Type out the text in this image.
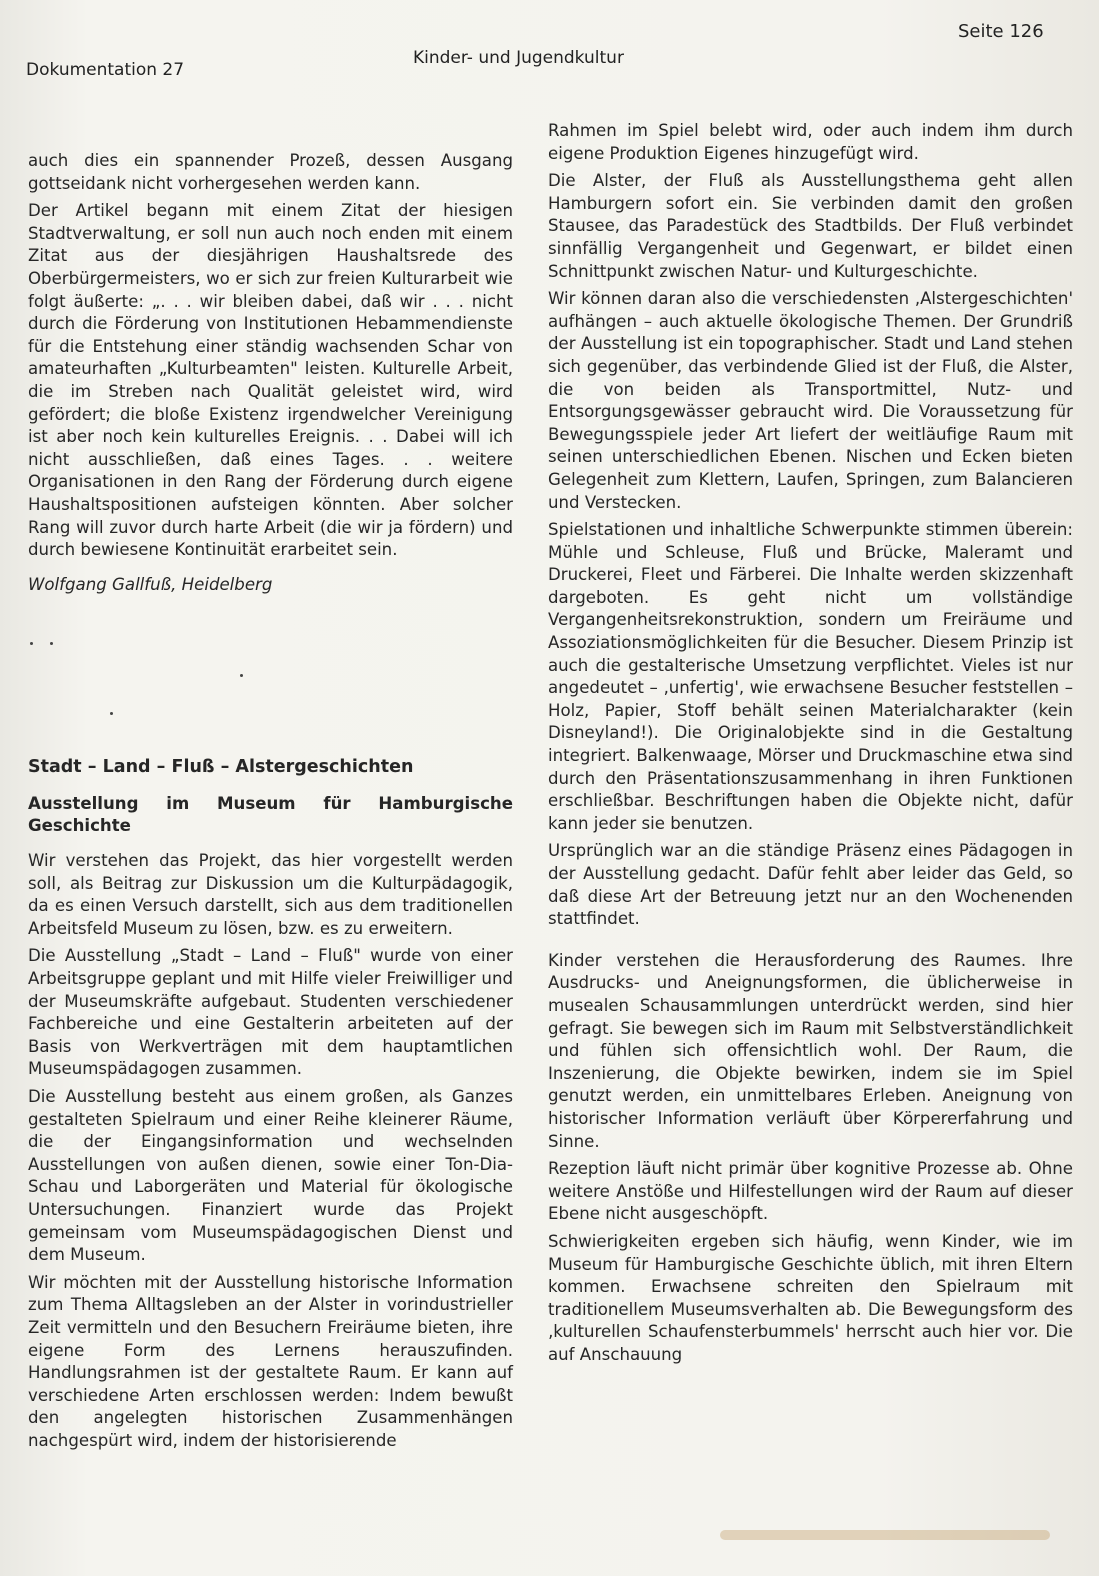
Dokumentation 27
Kinder- und Jugendkultur
Seite 126

auch dies ein spannender Prozeß, dessen Ausgang gottseidank nicht vorhergesehen werden kann.

Der Artikel begann mit einem Zitat der hiesigen Stadtverwaltung, er soll nun auch noch enden mit einem Zitat aus der diesjährigen Haushaltsrede des Oberbürgermeisters, wo er sich zur freien Kulturarbeit wie folgt äußerte: „. . . wir bleiben dabei, daß wir . . . nicht durch die Förderung von Institutionen Hebammendienste für die Entstehung einer ständig wachsenden Schar von amateurhaften „Kulturbeamten" leisten. Kulturelle Arbeit, die im Streben nach Qualität geleistet wird, wird gefördert; die bloße Existenz irgendwelcher Vereinigung ist aber noch kein kulturelles Ereignis. . . Dabei will ich nicht ausschließen, daß eines Tages. . . weitere Organisationen in den Rang der Förderung durch eigene Haushaltspositionen aufsteigen könnten. Aber solcher Rang will zuvor durch harte Arbeit (die wir ja fördern) und durch bewiesene Kontinuität erarbeitet sein.

Wolfgang Gallfuß, Heidelberg

Stadt – Land – Fluß – Alstergeschichten
Ausstellung im Museum für Hamburgische Geschichte

Wir verstehen das Projekt, das hier vorgestellt werden soll, als Beitrag zur Diskussion um die Kulturpädagogik, da es einen Versuch darstellt, sich aus dem traditionellen Arbeitsfeld Museum zu lösen, bzw. es zu erweitern.

Die Ausstellung „Stadt – Land – Fluß" wurde von einer Arbeitsgruppe geplant und mit Hilfe vieler Freiwilliger und der Museumskräfte aufgebaut. Studenten verschiedener Fachbereiche und eine Gestalterin arbeiteten auf der Basis von Werkverträgen mit dem hauptamtlichen Museumspädagogen zusammen.

Die Ausstellung besteht aus einem großen, als Ganzes gestalteten Spielraum und einer Reihe kleinerer Räume, die der Eingangsinformation und wechselnden Ausstellungen von außen dienen, sowie einer Ton-Dia-Schau und Laborgeräten und Material für ökologische Untersuchungen. Finanziert wurde das Projekt gemeinsam vom Museumspädagogischen Dienst und dem Museum.

Wir möchten mit der Ausstellung historische Information zum Thema Alltagsleben an der Alster in vorindustrieller Zeit vermitteln und den Besuchern Freiräume bieten, ihre eigene Form des Lernens herauszufinden. Handlungsrahmen ist der gestaltete Raum. Er kann auf verschiedene Arten erschlossen werden: Indem bewußt den angelegten historischen Zusammenhängen nachgespürt wird, indem der historisierende

Rahmen im Spiel belebt wird, oder auch indem ihm durch eigene Produktion Eigenes hinzugefügt wird.

Die Alster, der Fluß als Ausstellungsthema geht allen Hamburgern sofort ein. Sie verbinden damit den großen Stausee, das Paradestück des Stadtbilds. Der Fluß verbindet sinnfällig Vergangenheit und Gegenwart, er bildet einen Schnittpunkt zwischen Natur- und Kulturgeschichte.

Wir können daran also die verschiedensten ‚Alstergeschichten' aufhängen – auch aktuelle ökologische Themen. Der Grundriß der Ausstellung ist ein topographischer. Stadt und Land stehen sich gegenüber, das verbindende Glied ist der Fluß, die Alster, die von beiden als Transportmittel, Nutz- und Entsorgungsgewässer gebraucht wird. Die Voraussetzung für Bewegungsspiele jeder Art liefert der weitläufige Raum mit seinen unterschiedlichen Ebenen. Nischen und Ecken bieten Gelegenheit zum Klettern, Laufen, Springen, zum Balancieren und Verstecken.

Spielstationen und inhaltliche Schwerpunkte stimmen überein: Mühle und Schleuse, Fluß und Brücke, Maleramt und Druckerei, Fleet und Färberei. Die Inhalte werden skizzenhaft dargeboten. Es geht nicht um vollständige Vergangenheitsrekonstruktion, sondern um Freiräume und Assoziationsmöglichkeiten für die Besucher. Diesem Prinzip ist auch die gestalterische Umsetzung verpflichtet. Vieles ist nur angedeutet – ‚unfertig', wie erwachsene Besucher feststellen – Holz, Papier, Stoff behält seinen Materialcharakter (kein Disneyland!). Die Originalobjekte sind in die Gestaltung integriert. Balkenwaage, Mörser und Druckmaschine etwa sind durch den Präsentationszusammenhang in ihren Funktionen erschließbar. Beschriftungen haben die Objekte nicht, dafür kann jeder sie benutzen.

Ursprünglich war an die ständige Präsenz eines Pädagogen in der Ausstellung gedacht. Dafür fehlt aber leider das Geld, so daß diese Art der Betreuung jetzt nur an den Wochenenden stattfindet.

Kinder verstehen die Herausforderung des Raumes. Ihre Ausdrucks- und Aneignungsformen, die üblicherweise in musealen Schausammlungen unterdrückt werden, sind hier gefragt. Sie bewegen sich im Raum mit Selbstverständlichkeit und fühlen sich offensichtlich wohl. Der Raum, die Inszenierung, die Objekte bewirken, indem sie im Spiel genutzt werden, ein unmittelbares Erleben. Aneignung von historischer Information verläuft über Körpererfahrung und Sinne.

Rezeption läuft nicht primär über kognitive Prozesse ab. Ohne weitere Anstöße und Hilfestellungen wird der Raum auf dieser Ebene nicht ausgeschöpft.

Schwierigkeiten ergeben sich häufig, wenn Kinder, wie im Museum für Hamburgische Geschichte üblich, mit ihren Eltern kommen. Erwachsene schreiten den Spielraum mit traditionellem Museumsverhalten ab. Die Bewegungsform des ‚kulturellen Schaufensterbummels' herrscht auch hier vor. Die auf Anschauung
